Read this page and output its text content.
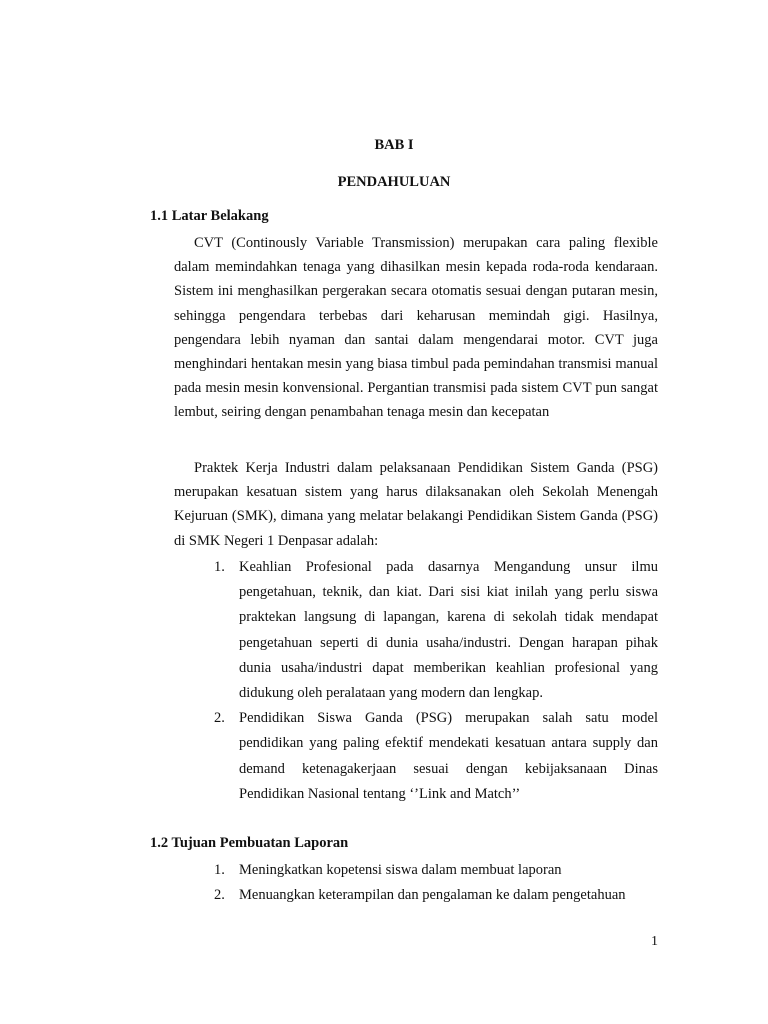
BAB I
PENDAHULUAN
1.1 Latar Belakang

CVT (Continously Variable Transmission) merupakan cara paling flexible dalam memindahkan tenaga yang dihasilkan mesin kepada roda-roda kendaraan. Sistem ini menghasilkan pergerakan secara otomatis sesuai dengan putaran mesin, sehingga pengendara terbebas dari keharusan memindah gigi. Hasilnya, pengendara lebih nyaman dan santai dalam mengendarai motor. CVT juga menghindari hentakan mesin yang biasa timbul pada pemindahan transmisi manual pada mesin mesin konvensional. Pergantian transmisi pada sistem CVT pun sangat lembut, seiring dengan penambahan tenaga mesin dan kecepatan

Praktek Kerja Industri dalam pelaksanaan Pendidikan Sistem Ganda (PSG) merupakan kesatuan sistem yang harus dilaksanakan oleh Sekolah Menengah Kejuruan (SMK), dimana yang melatar belakangi Pendidikan Sistem Ganda (PSG) di SMK Negeri 1 Denpasar adalah:

1. Keahlian Profesional pada dasarnya Mengandung unsur ilmu pengetahuan, teknik, dan kiat. Dari sisi kiat inilah yang perlu siswa praktekan langsung di lapangan, karena di sekolah tidak mendapat pengetahuan seperti di dunia usaha/industri. Dengan harapan pihak dunia usaha/industri dapat memberikan keahlian profesional yang didukung oleh peralataan yang modern dan lengkap.
2. Pendidikan Siswa Ganda (PSG) merupakan salah satu model pendidikan yang paling efektif mendekati kesatuan antara supply dan demand ketenagakerjaan sesuai dengan kebijaksanaan Dinas Pendidikan Nasional tentang ‘’Link and Match’’
1.2 Tujuan Pembuatan Laporan
1. Meningkatkan kopetensi siswa dalam membuat laporan
2. Menuangkan keterampilan dan pengalaman ke dalam pengetahuan
1
